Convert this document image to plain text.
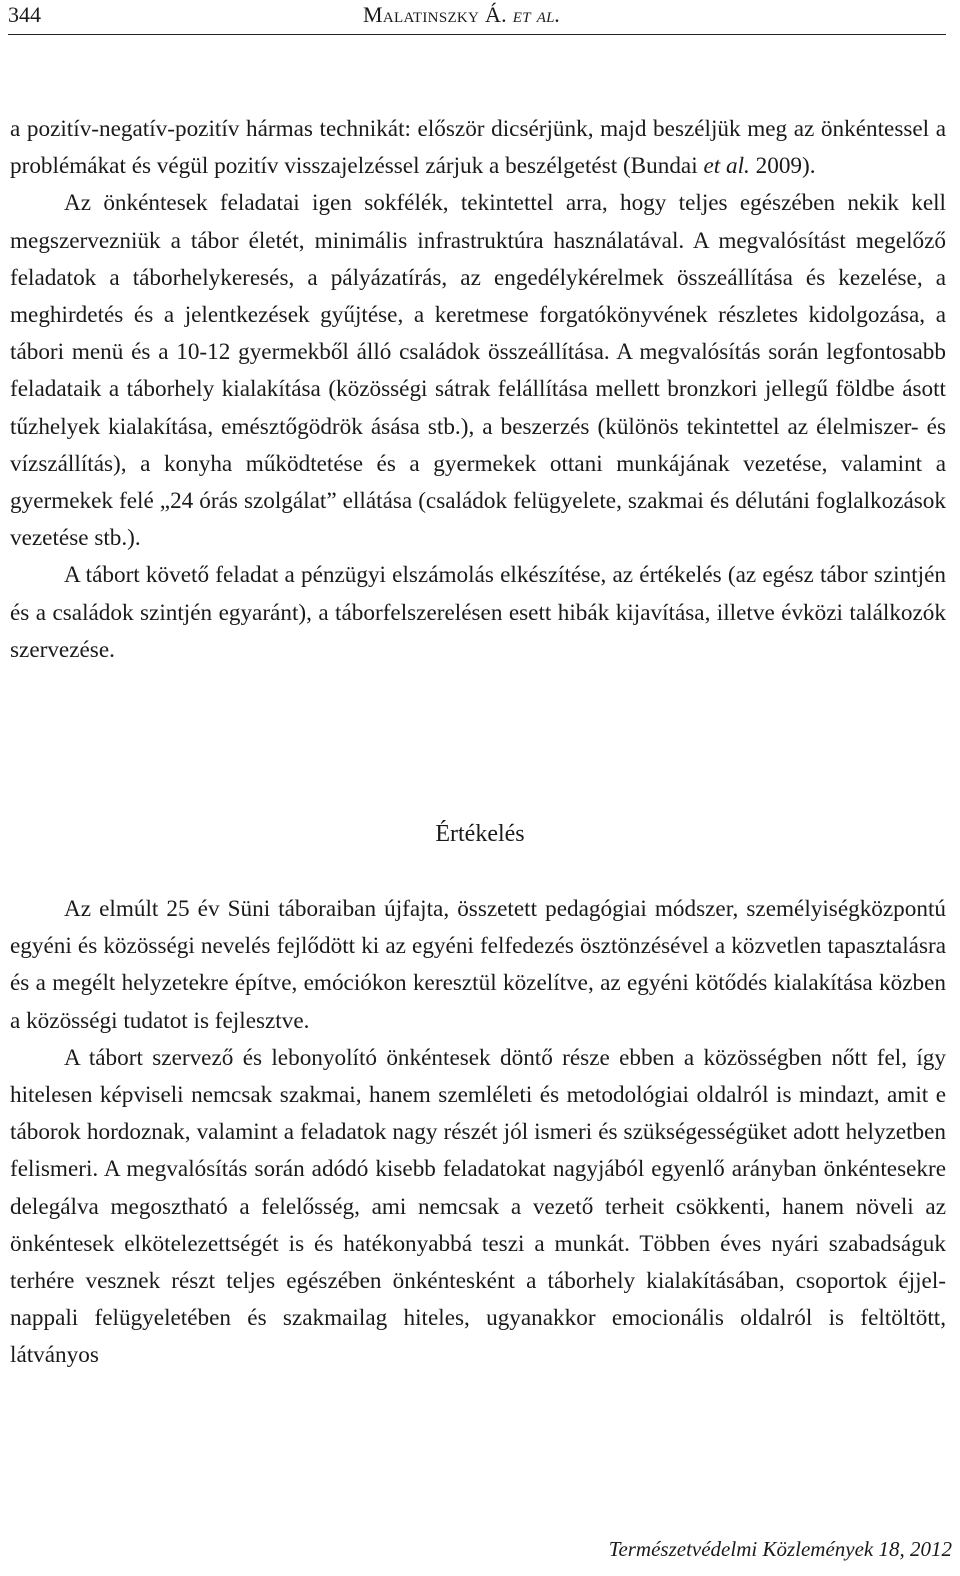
344	Malatinszky Á. et al.

a pozitív-negatív-pozitív hármas technikát: először dicsérjünk, majd beszéljük meg az önkéntessel a problémákat és végül pozitív visszajelzéssel zárjuk a beszélgetést (Bundai et al. 2009).

Az önkéntesek feladatai igen sokfélék, tekintettel arra, hogy teljes egészében nekik kell megszervezniük a tábor életét, minimális infrastruktúra használatával. A megvalósítást megelőző feladatok a táborhelykeresés, a pályázatírás, az engedélykérelmek összeállítása és kezelése, a meghirdetés és a jelentkezések gyűjtése, a keretmese forgatókönyvének részletes kidolgozása, a tábori menü és a 10-12 gyermekből álló családok összeállítása. A megvalósítás során legfontosabb feladataik a táborhely kialakítása (közösségi sátrak felállítása mellett bronzkori jellegű földbe ásott tűzhelyek kialakítása, emésztőgödrök ásása stb.), a beszerzés (különös tekintettel az élelmiszer- és vízszállítás), a konyha működtetése és a gyermekek ottani munkájának vezetése, valamint a gyermekek felé „24 órás szolgálat” ellátása (családok felügyelete, szakmai és délutáni foglalkozások vezetése stb.).

A tábort követő feladat a pénzügyi elszámolás elkészítése, az értékelés (az egész tábor szintjén és a családok szintjén egyaránt), a táborfelszerelésen esett hibák kijavítása, illetve évközi találkozók szervezése.

Értékelés

Az elmúlt 25 év Süni táboraiban újfajta, összetett pedagógiai módszer, személyiségközpontú egyéni és közösségi nevelés fejlődött ki az egyéni felfedezés ösztönzésével a közvetlen tapasztalásra és a megélt helyzetekre építve, emóciókon keresztül közelítve, az egyéni kötődés kialakítása közben a közösségi tudatot is fejlesztve.

A tábort szervező és lebonyolító önkéntesek döntő része ebben a közösségben nőtt fel, így hitelesen képviseli nemcsak szakmai, hanem szemléleti és metodológiai oldalról is mindazt, amit e táborok hordoznak, valamint a feladatok nagy részét jól ismeri és szükségességüket adott helyzetben felismeri. A megvalósítás során adódó kisebb feladatokat nagyjából egyenlő arányban önkéntesekre delegálva megosztható a felelősség, ami nemcsak a vezető terheit csökkenti, hanem növeli az önkéntesek elkötelezettségét is és hatékonyabbá teszi a munkát. Többen éves nyári szabadságuk terhére vesznek részt teljes egészében önkéntesként a táborhely kialakításában, csoportok éjjel-nappali felügyeletében és szakmailag hiteles, ugyanakkor emocionális oldalról is feltöltött, látványos

Természetvédelmi Közlemények 18, 2012
